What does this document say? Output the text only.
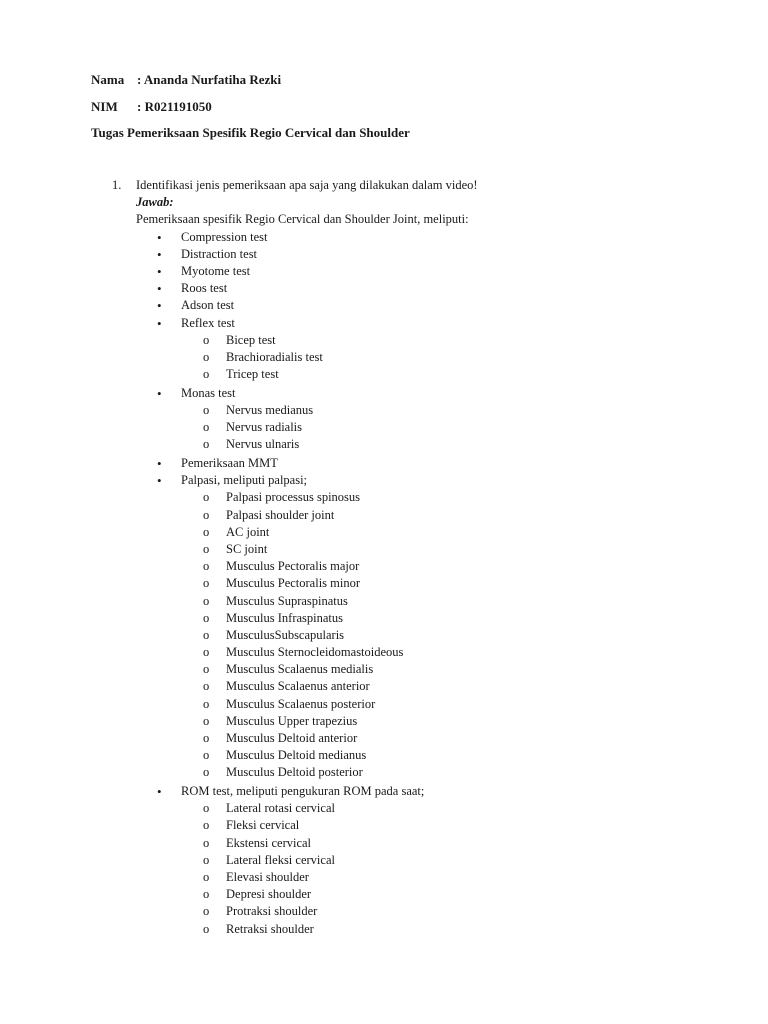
Nama : Ananda Nurfatiha Rezki
NIM : R021191050
Tugas Pemeriksaan Spesifik Regio Cervical dan Shoulder
1.	Identifikasi jenis pemeriksaan apa saja yang dilakukan dalam video!
Jawab:
Pemeriksaan spesifik Regio Cervical dan Shoulder Joint, meliputi:
• Compression test
• Distraction test
• Myotome test
• Roos test
• Adson test
• Reflex test
o Bicep test
o Brachioradialis test
o Tricep test
• Monas test
o Nervus medianus
o Nervus radialis
o Nervus ulnaris
• Pemeriksaan MMT
• Palpasi, meliputi palpasi;
o Palpasi processus spinosus
o Palpasi shoulder joint
o AC joint
o SC joint
o Musculus Pectoralis major
o Musculus Pectoralis minor
o Musculus Supraspinatus
o Musculus Infraspinatus
o MusculusSubscapularis
o Musculus Sternocleidomastoideous
o Musculus Scalaenus medialis
o Musculus Scalaenus anterior
o Musculus Scalaenus posterior
o Musculus Upper trapezius
o Musculus Deltoid anterior
o Musculus Deltoid medianus
o Musculus Deltoid posterior
• ROM test, meliputi pengukuran ROM pada saat;
o Lateral rotasi cervical
o Fleksi cervical
o Ekstensi cervical
o Lateral fleksi cervical
o Elevasi shoulder
o Depresi shoulder
o Protraksi shoulder
o Retraksi shoulder
